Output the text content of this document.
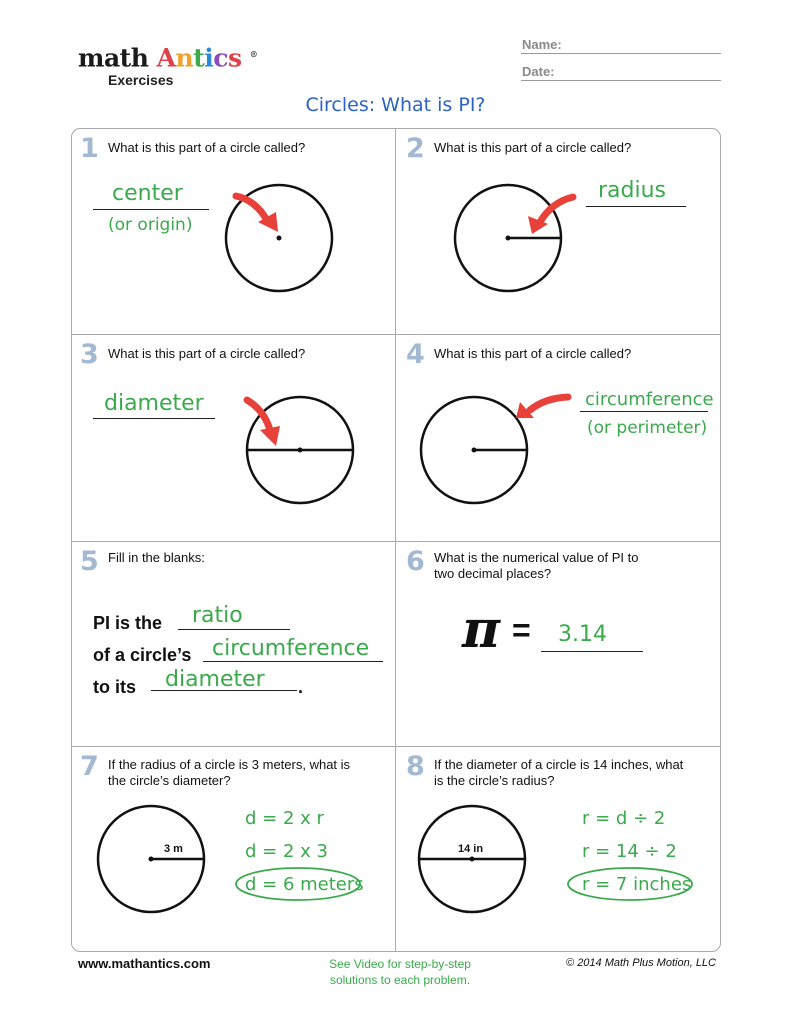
math Antics ®
Exercises
Name:
Date:
Circles: What is PI?
1 What is this part of a circle called?
center
(or origin)
2 What is this part of a circle called?
radius
3 What is this part of a circle called?
diameter
4 What is this part of a circle called?
circumference
(or perimeter)
5 Fill in the blanks:
PI is the ratio
of a circle’s circumference
to its diameter .
6 What is the numerical value of PI to
two decimal places?
π = 3.14
7 If the radius of a circle is 3 meters, what is
the circle’s diameter?
3 m
d = 2 x r
d = 2 x 3
d = 6 meters
8 If the diameter of a circle is 14 inches, what
is the circle’s radius?
14 in
r = d ÷ 2
r = 14 ÷ 2
r = 7 inches
www.mathantics.com	See Video for step-by-step
solutions to each problem.
© 2014 Math Plus Motion, LLC
